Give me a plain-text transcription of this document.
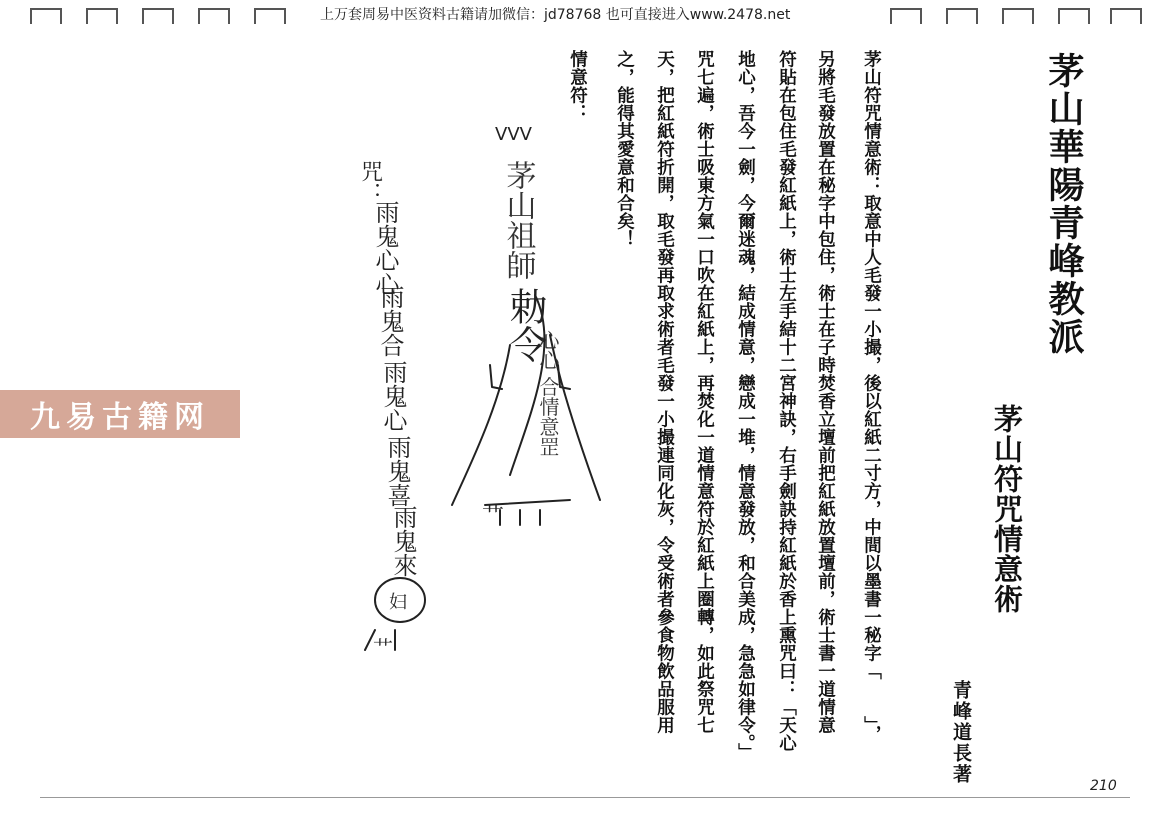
上万套周易中医资料古籍请加微信：jd78768 也可直接进入www.2478.net
茅山華陽青峰教派
茅山符咒情意術
青峰道長著
茅山符咒情意術：取意中人毛發一小撮，後以紅紙二寸方，中間以墨書一秘字「　　」，
另將毛發放置在秘字中包住，術士在子時焚香立壇前把紅紙放置壇前，術士書一道情意
符貼在包住毛發紅紙上，術士左手結十二宮神訣，右手劍訣持紅紙於香上熏咒曰：「天心
地心，吾今一劍，今爾迷魂，結成情意，戀成一堆，情意發放，和合美成，急急如律令。」
咒七遍，術士吸東方氣一口吹在紅紙上，再焚化一道情意符於紅紙上圈轉，如此祭咒七
天，把紅紙符折開，取毛發再取求術者毛發一小撮連同化灰，令受術者參食物飲品服用
之，能得其愛意和合矣！
情意符：
VVV
茅山祖師
勅令
心心 合情意罡
艹
咒：
雨鬼心心
雨鬼合
雨鬼心
雨鬼喜
雨鬼來
妇
艹
九易古籍网
210
